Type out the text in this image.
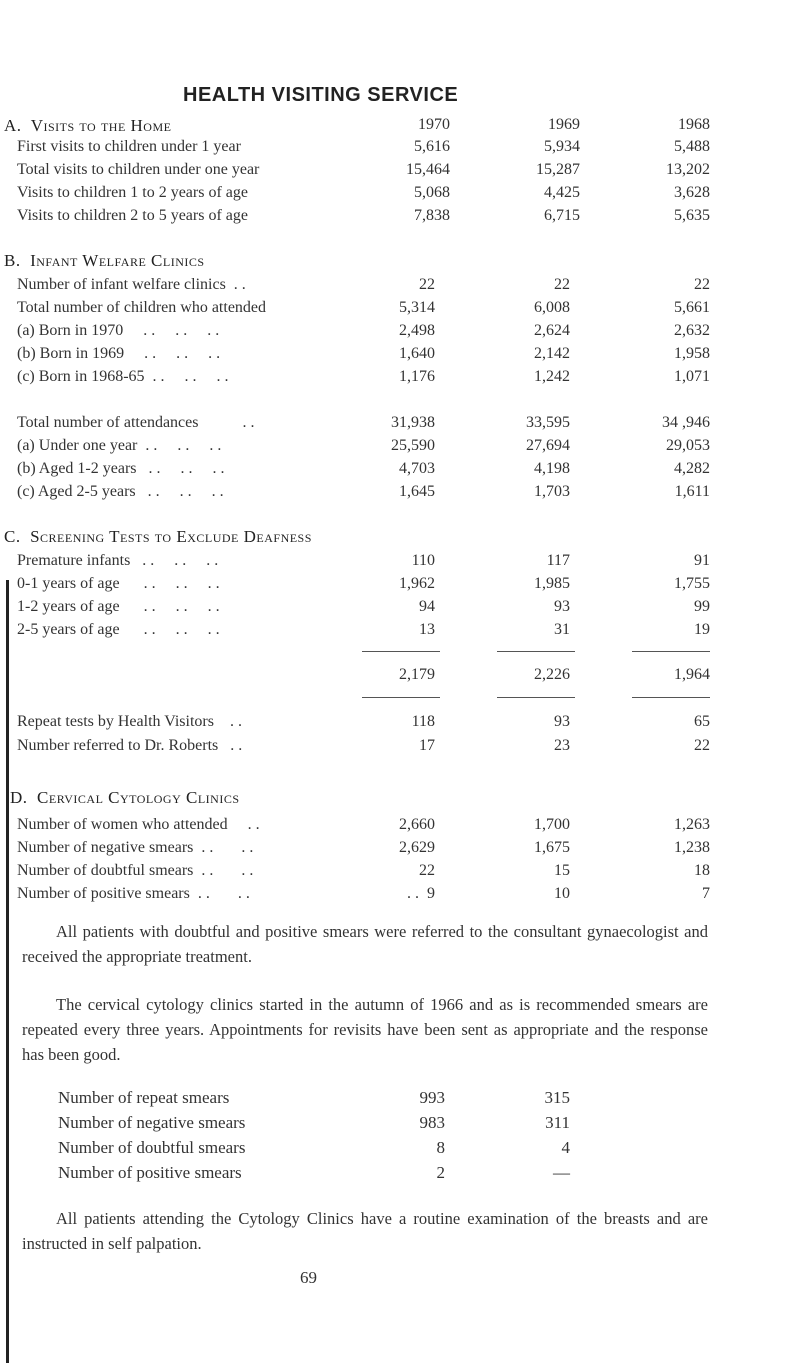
HEALTH VISITING SERVICE
A.  Visits to the Home	1970	1969	1968
First visits to children under 1 year	5,616	5,934	5,488
Total visits to children under one year	15,464	15,287	13,202
Visits to children 1 to 2 years of age	5,068	4,425	3,628
Visits to children 2 to 5 years of age	7,838	6,715	5,635
B.  Infant Welfare Clinics
Number of infant welfare clinics  . .	22	22	22
Total number of children who attended	5,314	6,008	5,661
(a) Born in 1970     . .     . .     . .	2,498	2,624	2,632
(b) Born in 1969     . .     . .     . .	1,640	2,142	1,958
(c) Born in 1968-65  . .     . .     . .	1,176	1,242	1,071
Total number of attendances           . .	31,938	33,595	34 ,946
(a) Under one year  . .     . .     . .	25,590	27,694	29,053
(b) Aged 1-2 years   . .     . .     . .	4,703	4,198	4,282
(c) Aged 2-5 years   . .     . .     . .	1,645	1,703	1,611
C.  Screening Tests to Exclude Deafness
Premature infants   . .     . .     . .	110	117	91
0-1 years of age      . .     . .     . .	1,962	1,985	1,755
1-2 years of age      . .     . .     . .	94	93	99
2-5 years of age      . .     . .     . .	13	31	19
2,179	2,226	1,964
Repeat tests by Health Visitors    . .	118	93	65
Number referred to Dr. Roberts   . .	17	23	22
D.  Cervical Cytology Clinics
Number of women who attended     . .	2,660	1,700	1,263
Number of negative smears  . .       . .	2,629	1,675	1,238
Number of doubtful smears  . .       . .	22	15	18
Number of positive smears  . .       . .	. .  9	10	7
All patients with doubtful and positive smears were referred to the consultant gynaecologist and received the appropriate treatment.
The cervical cytology clinics started in the autumn of 1966 and as is recommended smears are repeated every three years. Appointments for revisits have been sent as appropriate and the response has been good.
Number of repeat smears	993	315
Number of negative smears	983	311
Number of doubtful smears	8	4
Number of positive smears	2	—
All patients attending the Cytology Clinics have a routine examination of the breasts and are instructed in self palpation.
69
